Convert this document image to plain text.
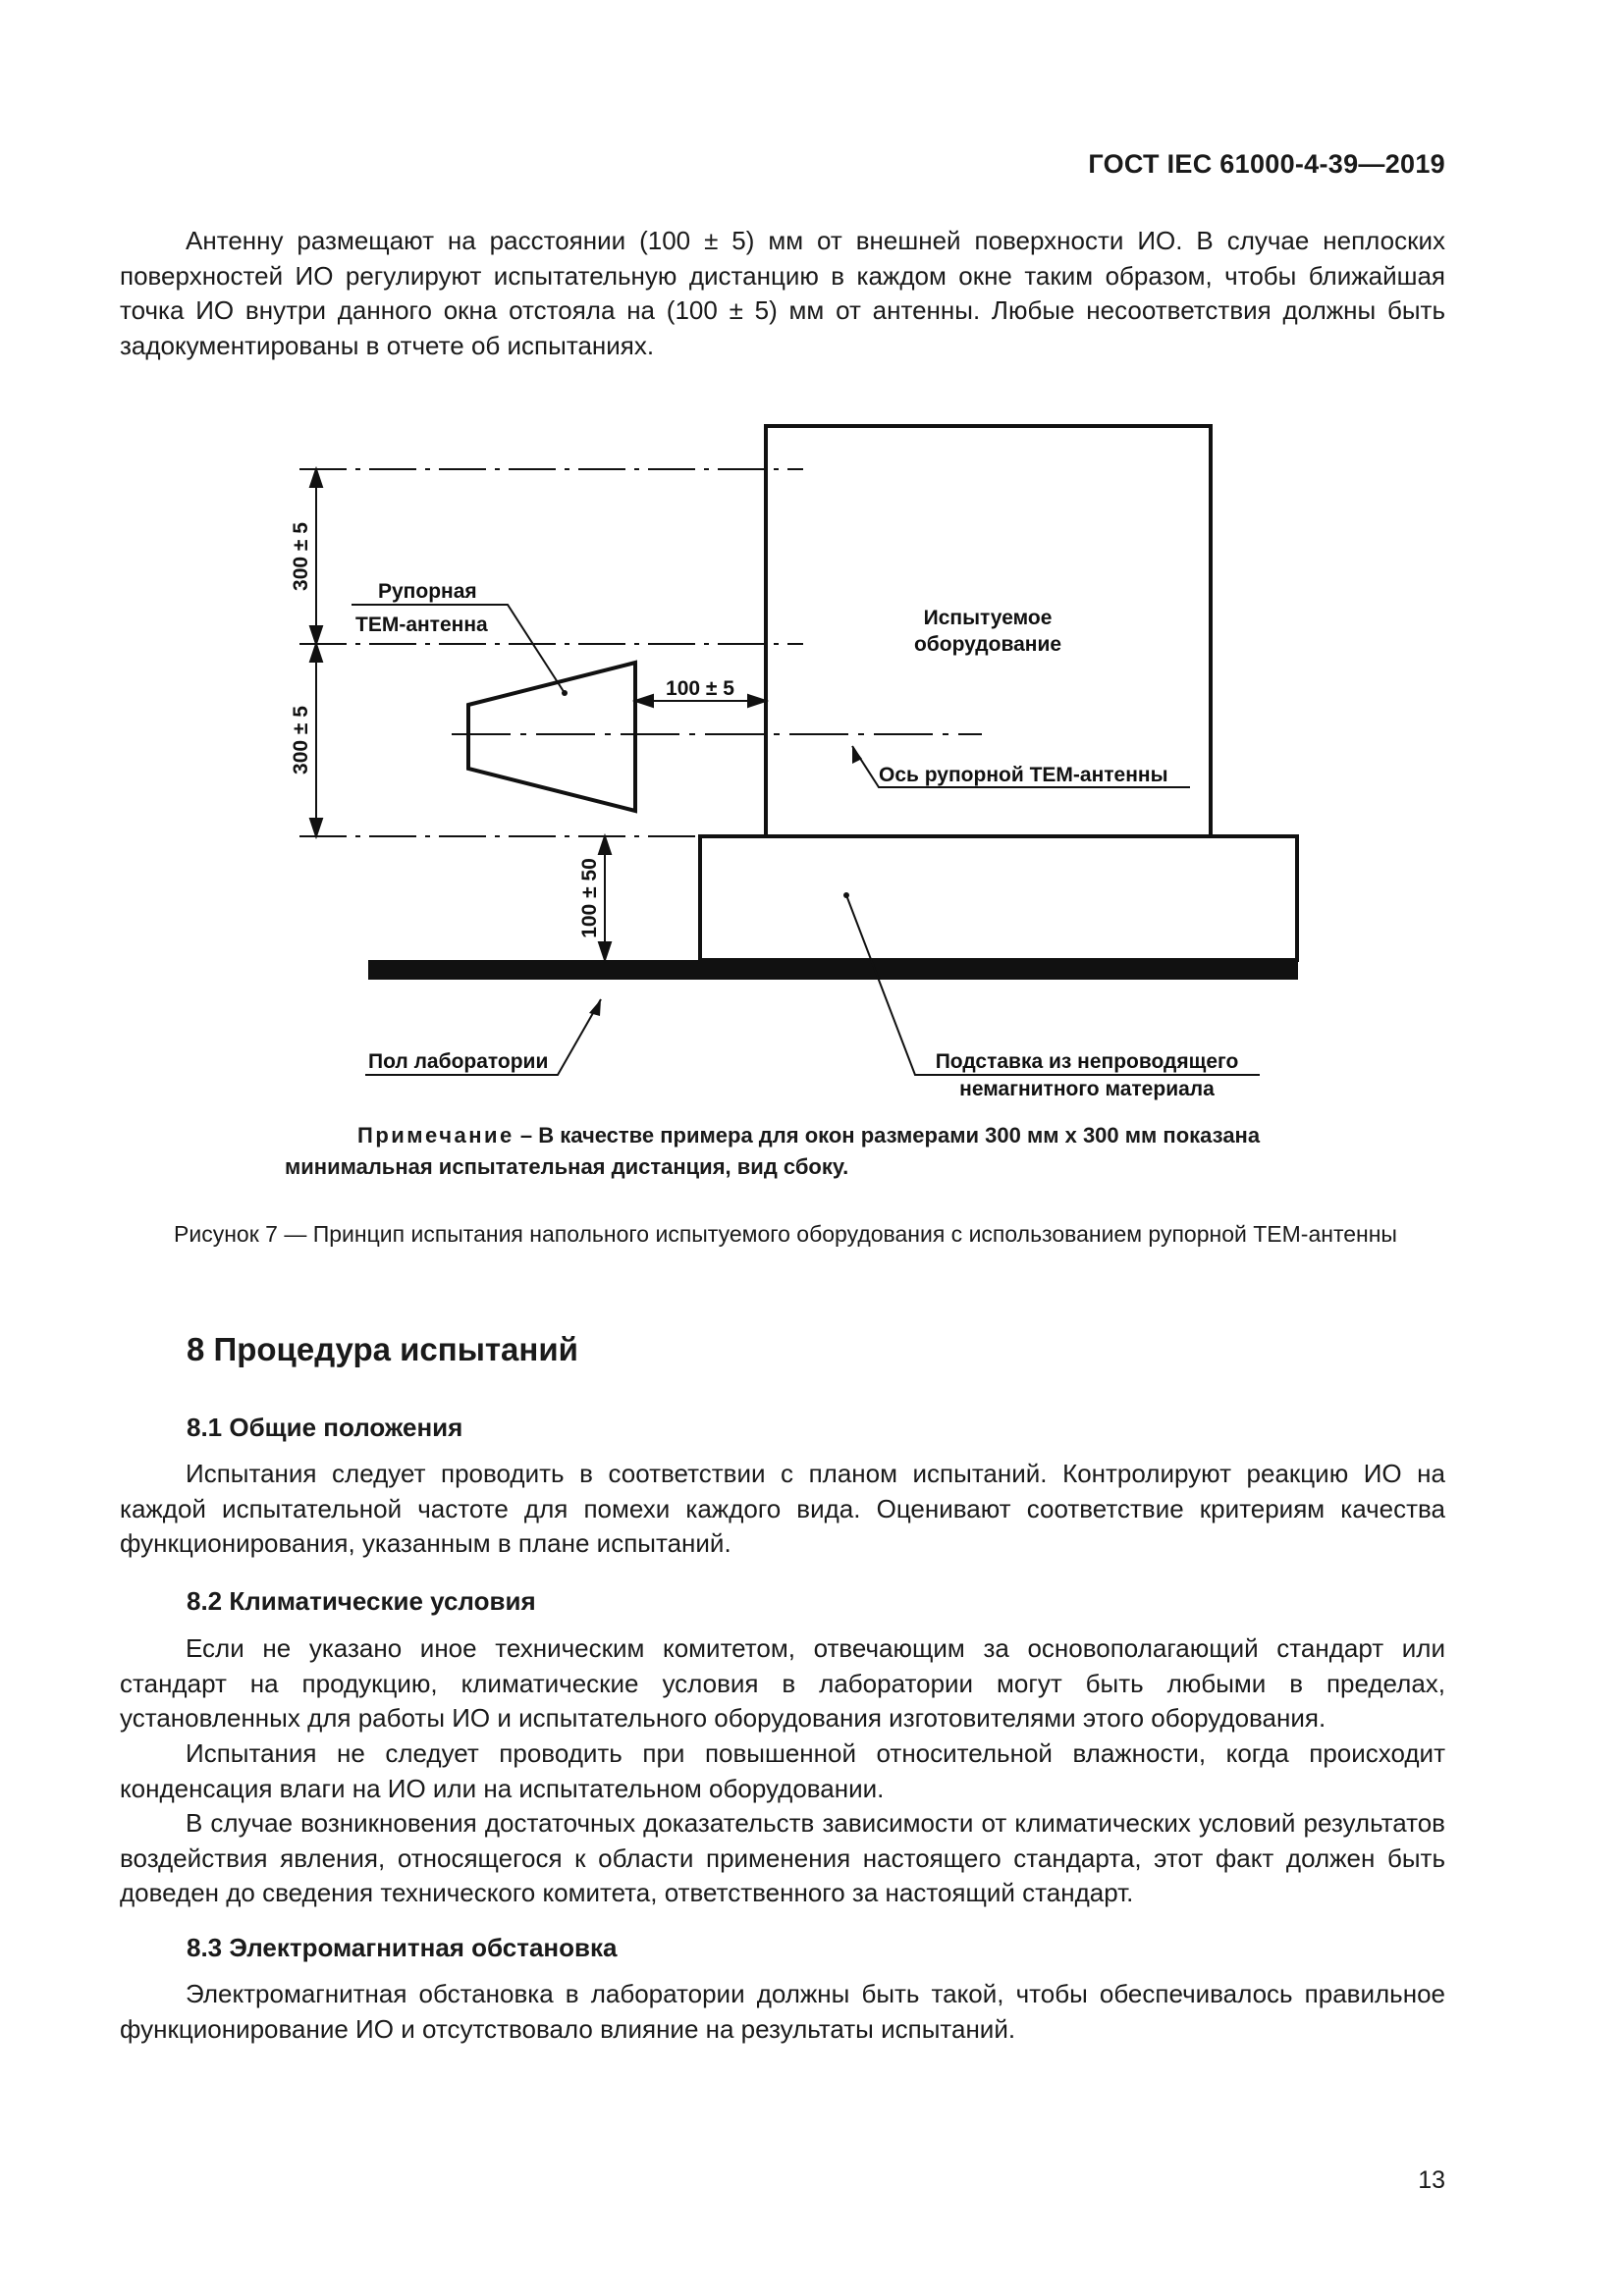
ГОСТ IEC 61000-4-39—2019
Антенну размещают на расстоянии (100 ± 5) мм от внешней поверхности ИО. В случае неплоских поверхностей ИО регулируют испытательную дистанцию в каждом окне таким образом, чтобы ближайшая точка ИО внутри данного окна отстояла на (100 ± 5) мм от антенны. Любые несоответствия должны быть задокументированы в отчете об испытаниях.
Рупорная
ТЕМ-антенна	Испытуемое
оборудование
100 ± 5
Ось рупорной ТЕМ-антенны
Пол лаборатории	Подставка из непроводящего
немагнитного материала
300 ± 5
300 ± 5
100 ± 50
Примечание – В качестве примера для окон размерами 300 мм х 300 мм показана минимальная испытательная дистанция, вид сбоку.
Рисунок 7 — Принцип испытания напольного испытуемого оборудования с использованием рупорной ТЕМ-антенны
8 Процедура испытаний
8.1 Общие положения
Испытания следует проводить в соответствии с планом испытаний. Контролируют реакцию ИО на каждой испытательной частоте для помехи каждого вида. Оценивают соответствие критериям качества функционирования, указанным в плане испытаний.
8.2 Климатические условия
Если не указано иное техническим комитетом, отвечающим за основополагающий стандарт или стандарт на продукцию, климатические условия в лаборатории могут быть любыми в пределах, установленных для работы ИО и испытательного оборудования изготовителями этого оборудования.
Испытания не следует проводить при повышенной относительной влажности, когда происходит конденсация влаги на ИО или на испытательном оборудовании.
В случае возникновения достаточных доказательств зависимости от климатических условий результатов воздействия явления, относящегося к области применения настоящего стандарта, этот факт должен быть доведен до сведения технического комитета, ответственного за настоящий стандарт.
8.3 Электромагнитная обстановка
Электромагнитная обстановка в лаборатории должны быть такой, чтобы обеспечивалось правильное функционирование ИО и отсутствовало влияние на результаты испытаний.
13
